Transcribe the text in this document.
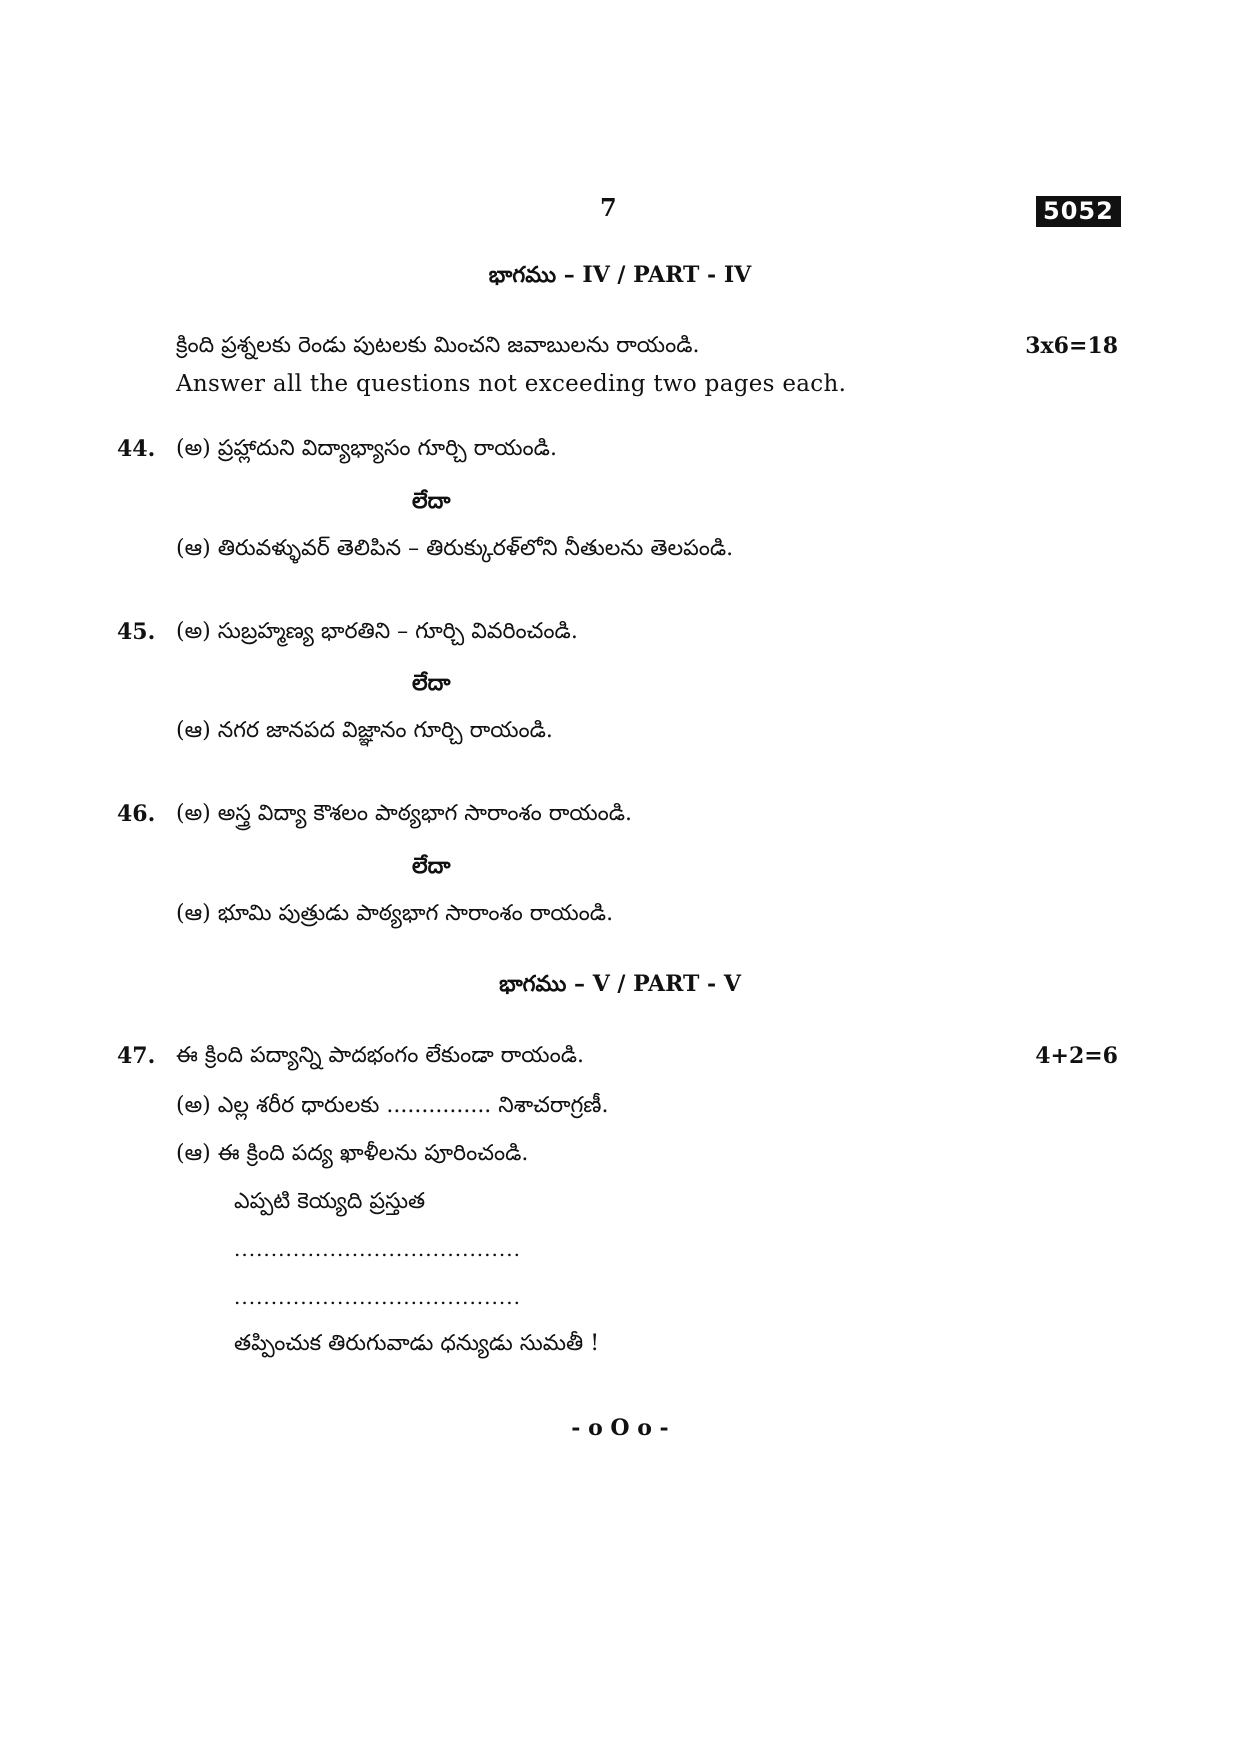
7	5052
భాగము – IV / PART - IV
క్రింది ప్రశ్నలకు రెండు పుటలకు మించని జవాబులను రాయండి.	3x6=18
Answer all the questions not exceeding two pages each.
44. (అ) ప్రహ్లాదుని విద్యాభ్యాసం గూర్చి రాయండి.
లేదా
(ఆ) తిరువళ్ళువర్ తెలిపిన – తిరుక్కురళ్‌లోని నీతులను తెలపండి.
45. (అ) సుబ్రహ్మణ్య భారతిని – గూర్చి వివరించండి.
లేదా
(ఆ) నగర జానపద విజ్ఞానం గూర్చి రాయండి.
46. (అ) అస్త్ర విద్యా కౌశలం పాఠ్యభాగ సారాంశం రాయండి.
లేదా
(ఆ) భూమి పుత్రుడు పాఠ్యభాగ సారాంశం రాయండి.
భాగము – V / PART - V
47. ఈ క్రింది పద్యాన్ని పాదభంగం లేకుండా రాయండి.	4+2=6
(అ) ఎల్ల శరీర ధారులకు ............... నిశాచరాగ్రణీ.
(ఆ) ఈ క్రింది పద్య ఖాళీలను పూరించండి.
ఎప్పటి కెయ్యది ప్రస్తుత
.......................................
.......................................
తప్పించుక తిరుగువాడు ధన్యుడు సుమతీ !
- o O o -
